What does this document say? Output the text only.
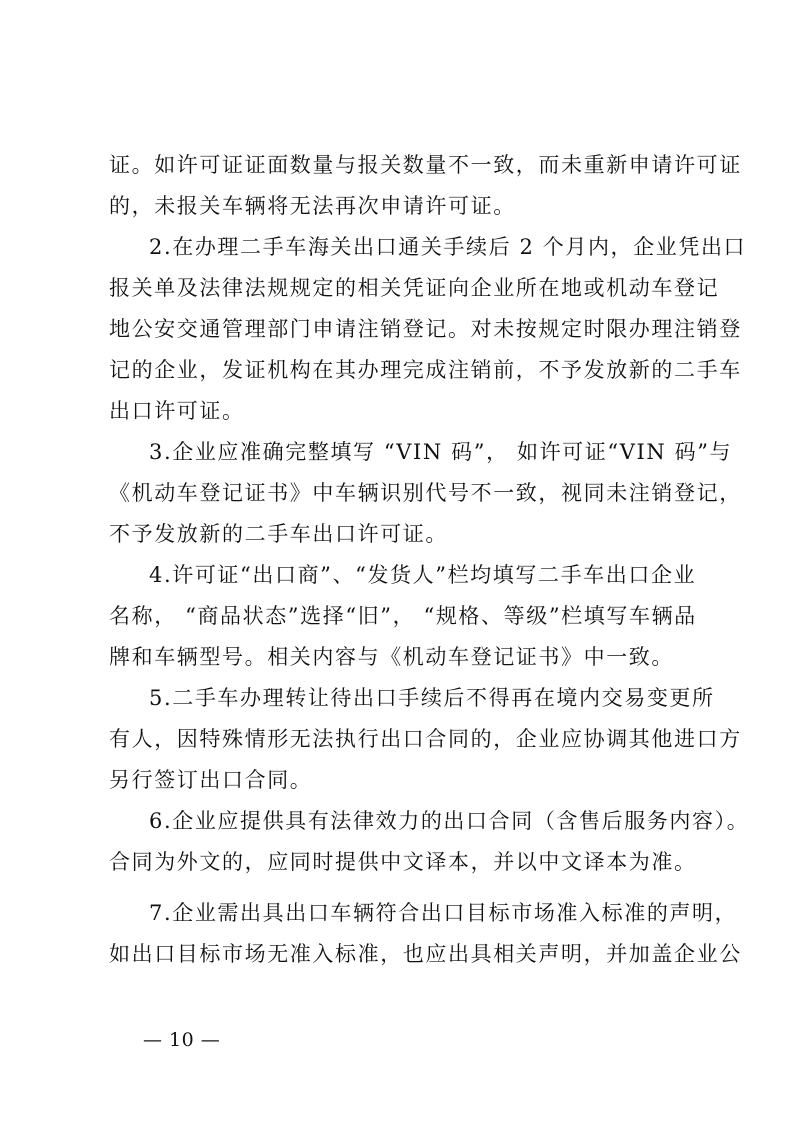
证。如许可证证面数量与报关数量不一致，而未重新申请许可证
的，未报关车辆将无法再次申请许可证。
2.在办理二手车海关出口通关手续后 2 个月内，企业凭出口
报关单及法律法规规定的相关凭证向企业所在地或机动车登记
地公安交通管理部门申请注销登记。对未按规定时限办理注销登
记的企业，发证机构在其办理完成注销前，不予发放新的二手车
出口许可证。
3.企业应准确完整填写 “VIN 码”， 如许可证“VIN 码”与
《机动车登记证书》中车辆识别代号不一致，视同未注销登记，
不予发放新的二手车出口许可证。
4.许可证“出口商”、“发货人”栏均填写二手车出口企业
名称， “商品状态”选择“旧”， “规格、等级”栏填写车辆品
牌和车辆型号。相关内容与《机动车登记证书》中一致。
5.二手车办理转让待出口手续后不得再在境内交易变更所
有人，因特殊情形无法执行出口合同的，企业应协调其他进口方
另行签订出口合同。
6.企业应提供具有法律效力的出口合同（含售后服务内容）。
合同为外文的，应同时提供中文译本，并以中文译本为准。
7.企业需出具出口车辆符合出口目标市场准入标准的声明，
如出口目标市场无准入标准，也应出具相关声明，并加盖企业公
— 10 —
